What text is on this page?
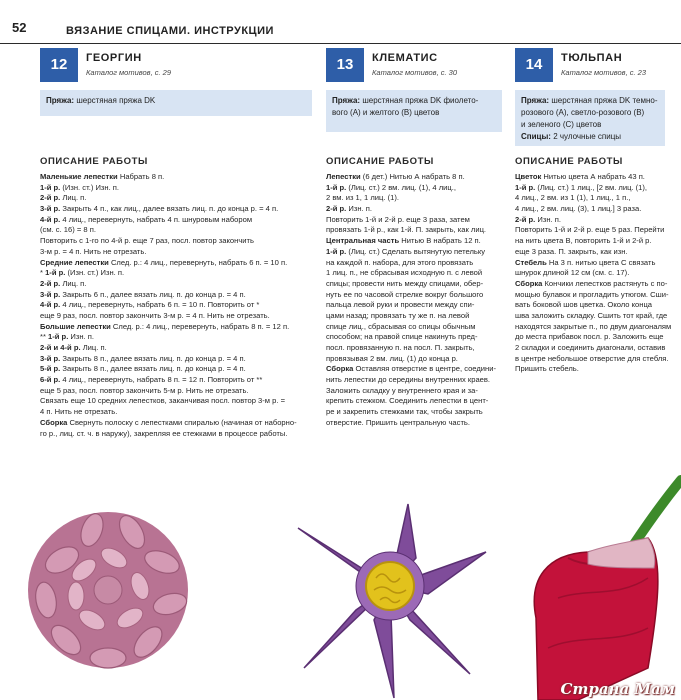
52	ВЯЗАНИЕ СПИЦАМИ. ИНСТРУКЦИИ
12	ГЕОРГИН
Каталог мотивов, с. 29
Пряжа: шерстяная пряжа DK
ОПИСАНИЕ РАБОТЫ
Маленькие лепестки Набрать 8 п.
1-й р. (Изн. ст.) Изн. п.
2-й р. Лиц. п.
3-й р. Закрыть 4 п., как лиц., далее вязать лиц. п. до конца р. = 4 п.
4-й р. 4 лиц., перевернуть, набрать 4 п. шнуровым набором
(см. с. 16) = 8 п.
Повторить с 1-го по 4-й р. еще 7 раз, посл. повтор закончить
3-м р. = 4 п. Нить не отрезать.
Средние лепестки След. р.: 4 лиц., перевернуть, набрать 6 п. = 10 п.
* 1-й р. (Изн. ст.) Изн. п.
2-й р. Лиц. п.
3-й р. Закрыть 6 п., далее вязать лиц. п. до конца р. = 4 п.
4-й р. 4 лиц., перевернуть, набрать 6 п. = 10 п. Повторить от *
еще 9 раз, посл. повтор закончить 3-м р. = 4 п. Нить не отрезать.
Большие лепестки След. р.: 4 лиц., перевернуть, набрать 8 п. = 12 п.
** 1-й р. Изн. п.
2-й и 4-й р. Лиц. п.
3-й р. Закрыть 8 п., далее вязать лиц. п. до конца р. = 4 п.
5-й р. Закрыть 8 п., далее вязать лиц. п. до конца р. = 4 п.
6-й р. 4 лиц., перевернуть, набрать 8 п. = 12 п. Повторить от **
еще 5 раз, посл. повтор закончить 5-м р. Нить не отрезать.
Связать еще 10 средних лепестков, заканчивая посл. повтор 3-м р. =
4 п. Нить не отрезать.
Сборка Свернуть полоску с лепестками спиралью (начиная от наборно-
го р., лиц. ст. ч. в наружу), закрепляя ее стежками в процессе работы.
13	КЛЕМАТИС
Каталог мотивов, с. 30
Пряжа: шерстяная пряжа DK фиолето-
вого (А) и желтого (В) цветов
ОПИСАНИЕ РАБОТЫ
Лепестки (6 дет.) Нитью А набрать 8 п.
1-й р. (Лиц. ст.) 2 вм. лиц. (1), 4 лиц.,
2 вм. из 1, 1 лиц. (1).
2-й р. Изн. п.
Повторить 1-й и 2-й р. еще 3 раза, затем
провязать 1-й р., как 1-й. П. закрыть, как лиц.
Центральная часть Нитью В набрать 12 п.
1-й р. (Лиц. ст.) Сделать вытянутую петельку
на каждой п. набора, для этого провязать
1 лиц. п., не сбрасывая исходную п. с левой
спицы; провести нить между спицами, обер-
нуть ее по часовой стрелке вокруг большого
пальца левой руки и провести между спи-
цами назад; провязать ту же п. на левой
спице лиц., сбрасывая со спицы обычным
способом; на правой спице накинуть пред-
посл. провязанную п. на посл. П. закрыть,
провязывая 2 вм. лиц. (1) до конца р.
Сборка Оставляя отверстие в центре, соедини-
нить лепестки до середины внутренних краев.
Заложить складку у внутреннего края и за-
крепить стежком. Соединить лепестки в цент-
ре и закрепить стежками так, чтобы закрыть
отверстие. Пришить центральную часть.
14	ТЮЛЬПАН
Каталог мотивов, с. 23
Пряжа: шерстяная пряжа DK темно-
розового (А), светло-розового (В)
и зеленого (С) цветов
Спицы: 2 чулочные спицы
ОПИСАНИЕ РАБОТЫ
Цветок Нитью цвета А набрать 43 п.
1-й р. (Лиц. ст.) 1 лиц., [2 вм. лиц. (1),
4 лиц., 2 вм. из 1 (1), 1 лиц., 1 п.,
4 лиц., 2 вм. лиц. (3), 1 лиц.] 3 раза.
2-й р. Изн. п.
Повторить 1-й и 2-й р. еще 5 раз. Перейти
на нить цвета В, повторить 1-й и 2-й р.
еще 3 раза. П. закрыть, как изн.
Стебель На 3 п. нитью цвета С связать
шнурок длиной 12 см (см. с. 17).
Сборка Кончики лепестков растянуть с по-
мощью булавок и прогладить утюгом. Сши-
вать боковой шов цветка. Около конца
шва заложить складку. Сшить тот край, где
находятся закрытые п., по двум диагоналям
до места прибавок посл. р. Заложить еще
2 складки и соединить диагонали, оставив
в центре небольшое отверстие для стебля.
Пришить стебель.
Страна Мам
